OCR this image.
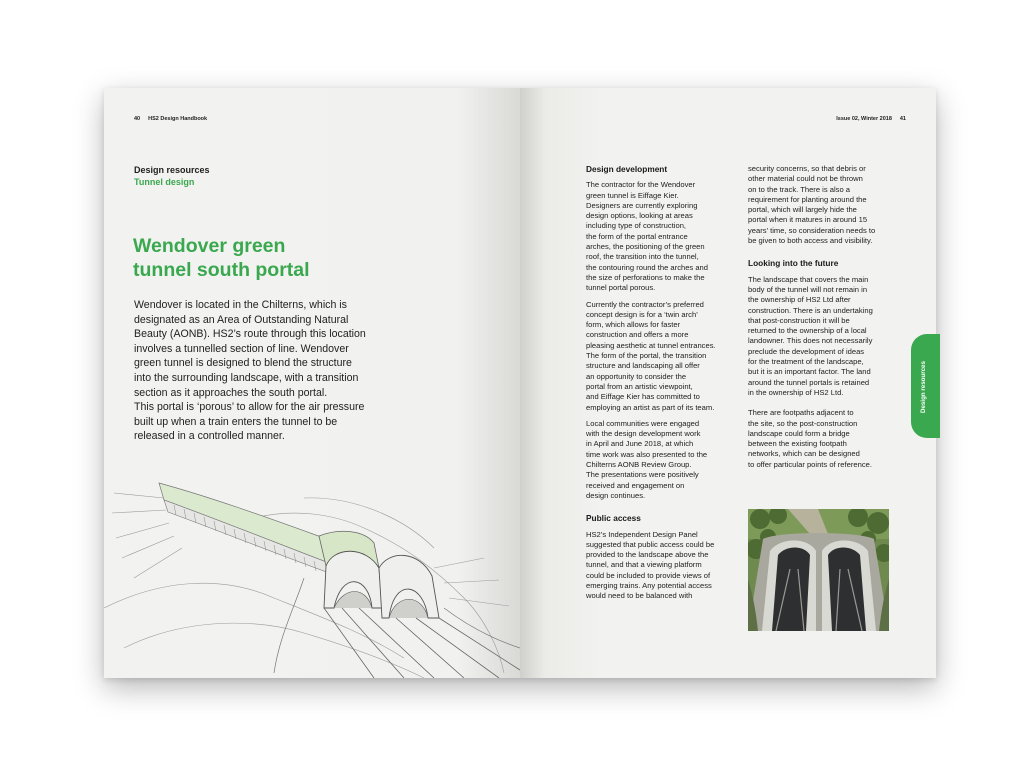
40 HS2 Design Handbook
Design resources
Tunnel design
Wendover green
tunnel south portal
Wendover is located in the Chilterns, which is
designated as an Area of Outstanding Natural
Beauty (AONB). HS2’s route through this location
involves a tunnelled section of line. Wendover
green tunnel is designed to blend the structure
into the surrounding landscape, with a transition
section as it approaches the south portal.
This portal is ‘porous’ to allow for the air pressure
built up when a train enters the tunnel to be
released in a controlled manner.
Issue 02, Winter 2018 41
Design development
The contractor for the Wendover
green tunnel is Eiffage Kier.
Designers are currently exploring
design options, looking at areas
including type of construction,
the form of the portal entrance
arches, the positioning of the green
roof, the transition into the tunnel,
the contouring round the arches and
the size of perforations to make the
tunnel portal porous.
Currently the contractor’s preferred
concept design is for a ‘twin arch’
form, which allows for faster
construction and offers a more
pleasing aesthetic at tunnel entrances.
The form of the portal, the transition
structure and landscaping all offer
an opportunity to consider the
portal from an artistic viewpoint,
and Eiffage Kier has committed to
employing an artist as part of its team.
Local communities were engaged
with the design development work
in April and June 2018, at which
time work was also presented to the
Chilterns AONB Review Group.
The presentations were positively
received and engagement on
design continues.
Public access
HS2’s Independent Design Panel
suggested that public access could be
provided to the landscape above the
tunnel, and that a viewing platform
could be included to provide views of
emerging trains. Any potential access
would need to be balanced with
security concerns, so that debris or
other material could not be thrown
on to the track. There is also a
requirement for planting around the
portal, which will largely hide the
portal when it matures in around 15
years’ time, so consideration needs to
be given to both access and visibility.
Looking into the future
The landscape that covers the main
body of the tunnel will not remain in
the ownership of HS2 Ltd after
construction. There is an undertaking
that post-construction it will be
returned to the ownership of a local
landowner. This does not necessarily
preclude the development of ideas
for the treatment of the landscape,
but it is an important factor. The land
around the tunnel portals is retained
in the ownership of HS2 Ltd.
There are footpaths adjacent to
the site, so the post-construction
landscape could form a bridge
between the existing footpath
networks, which can be designed
to offer particular points of reference.
Design resources
